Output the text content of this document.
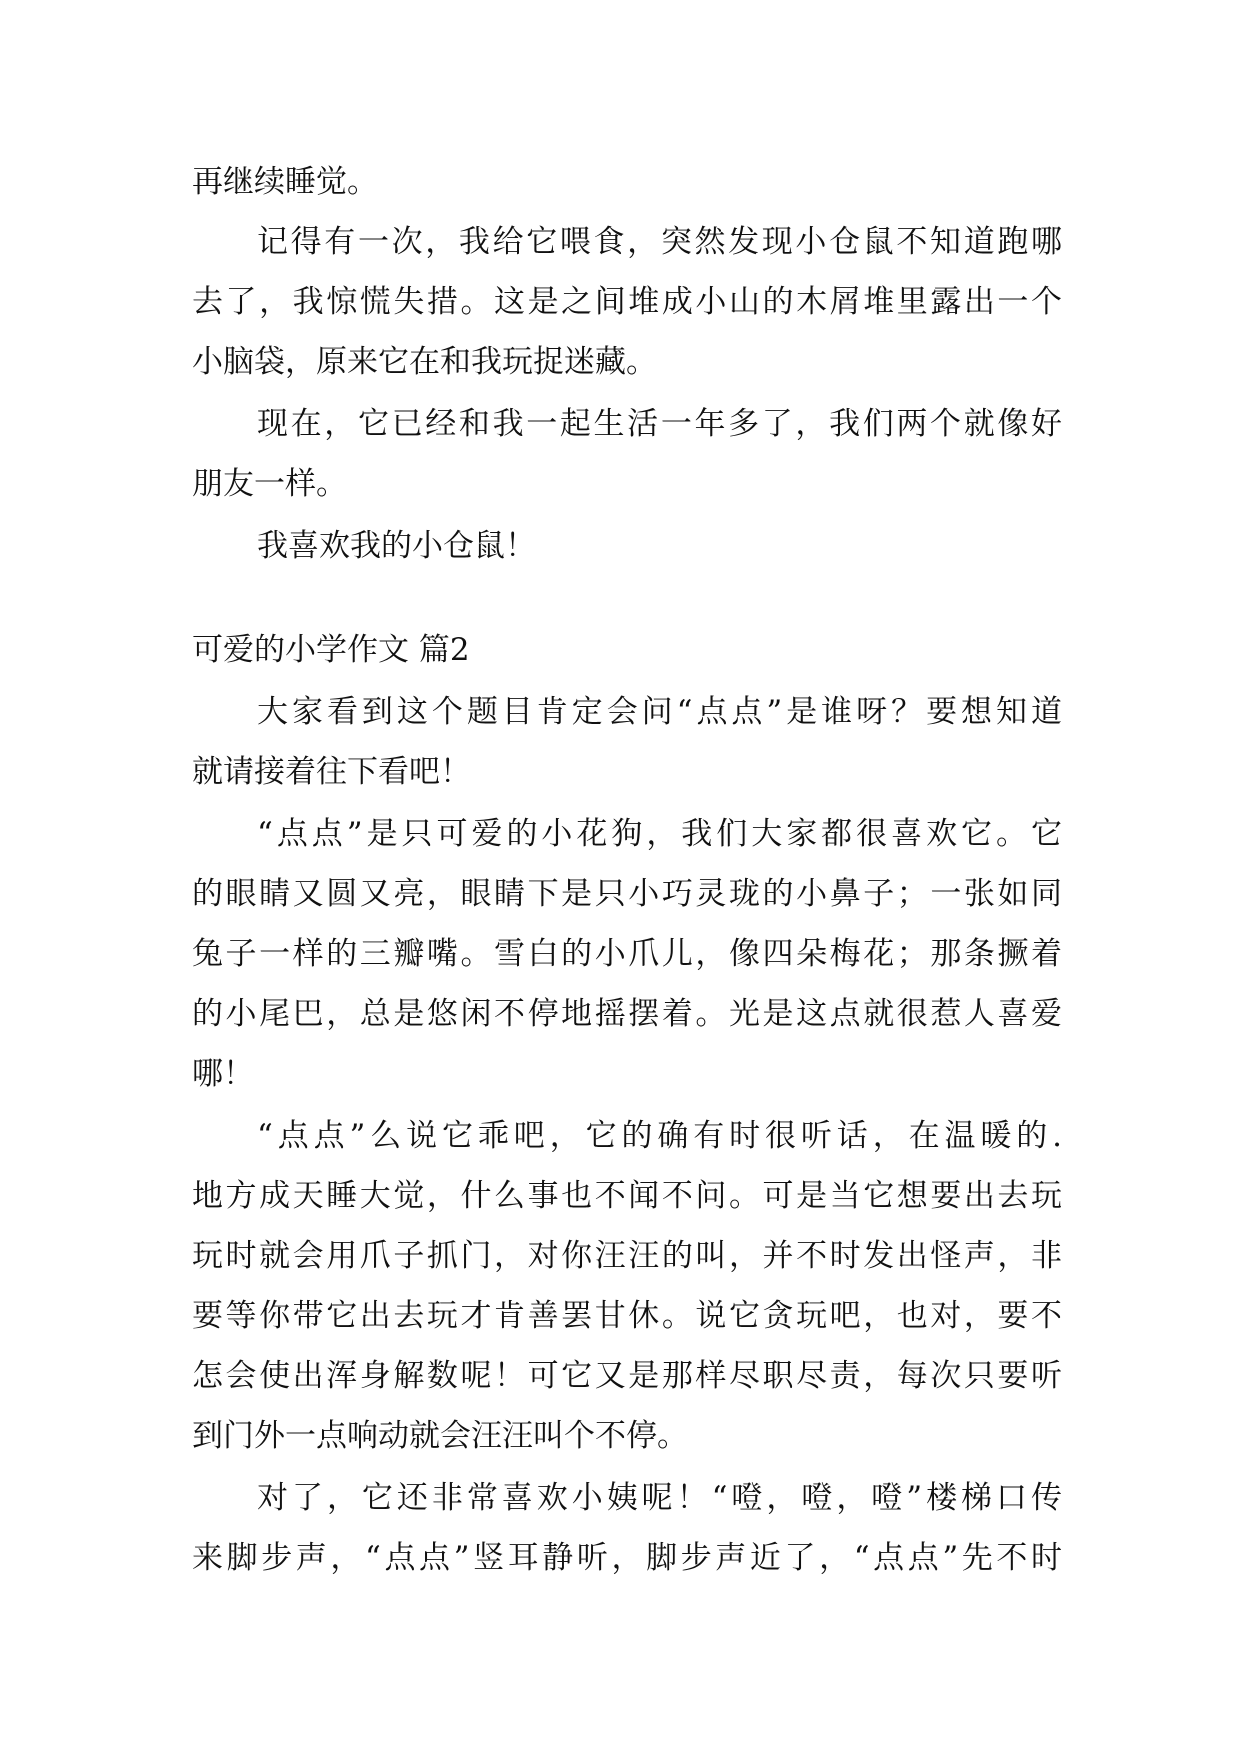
再继续睡觉。
记得有一次，我给它喂食，突然发现小仓鼠不知道跑哪
去了，我惊慌失措。这是之间堆成小山的木屑堆里露出一个
小脑袋，原来它在和我玩捉迷藏。
现在，它已经和我一起生活一年多了，我们两个就像好
朋友一样。
我喜欢我的小仓鼠！
可爱的小学作文 篇2
大家看到这个题目肯定会问“点点”是谁呀？要想知道
就请接着往下看吧！
“点点”是只可爱的小花狗，我们大家都很喜欢它。它
的眼睛又圆又亮，眼睛下是只小巧灵珑的小鼻子；一张如同
兔子一样的三瓣嘴。雪白的小爪儿，像四朵梅花；那条撅着
的小尾巴，总是悠闲不停地摇摆着。光是这点就很惹人喜爱
哪！
“点点”么说它乖吧，它的确有时很听话，在温暖的.
地方成天睡大觉，什么事也不闻不问。可是当它想要出去玩
玩时就会用爪子抓门，对你汪汪的叫，并不时发出怪声，非
要等你带它出去玩才肯善罢甘休。说它贪玩吧，也对，要不
怎会使出浑身解数呢！可它又是那样尽职尽责，每次只要听
到门外一点响动就会汪汪叫个不停。
对了，它还非常喜欢小姨呢！“噔，噔，噔”楼梯口传
来脚步声，“点点”竖耳静听，脚步声近了，“点点”先不时
